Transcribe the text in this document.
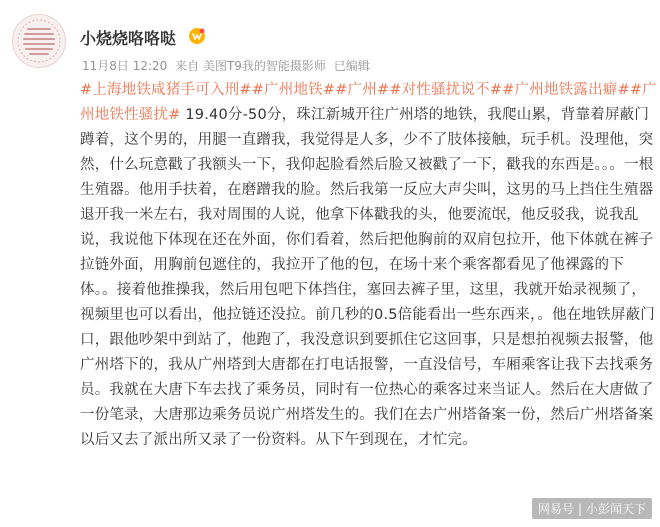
小烧烧咯咯哒
11月8日 12:20 来自 美图T9我的智能摄影师 已编辑
#上海地铁咸猪手可入刑##广州地铁##广州##对性骚扰说不##广州地铁露出癖##广州地铁性骚扰# 19.40分-50分，珠江新城开往广州塔的地铁，我爬山累，背靠着屏蔽门蹲着，这个男的，用腿一直蹭我，我觉得是人多，少不了肢体接触，玩手机。没理他，突然，什么玩意戳了我额头一下，我仰起脸看然后脸又被戳了一下，戳我的东西是。。。一根生殖器。他用手扶着，在磨蹭我的脸。然后我第一反应大声尖叫，这男的马上挡住生殖器退开我一米左右，我对周围的人说，他拿下体戳我的头，他要流氓，他反驳我，说我乱说，我说他下体现在还在外面，你们看着，然后把他胸前的双肩包拉开，他下体就在裤子拉链外面，用胸前包遮住的，我拉开了他的包，在场十来个乘客都看见了他裸露的下体。。接着他推操我，然后用包吧下体挡住，塞回去裤子里，这里，我就开始录视频了，视频里也可以看出，他拉链还没拉。前几秒的0.5倍能看出一些东西来，。他在地铁屏蔽门口，跟他吵架中到站了，他跑了，我没意识到要抓住它这回事，只是想拍视频去报警，他广州塔下的，我从广州塔到大唐都在打电话报警，一直没信号，车厢乘客让我下去找乘务员。我就在大唐下车去找了乘务员，同时有一位热心的乘客过来当证人。然后在大唐做了一份笔录，大唐那边乘务员说广州塔发生的。我们在去广州塔备案一份，然后广州塔备案以后又去了派出所又录了一份资料。从下午到现在，才忙完。
网易号 | 小彭闻天下
